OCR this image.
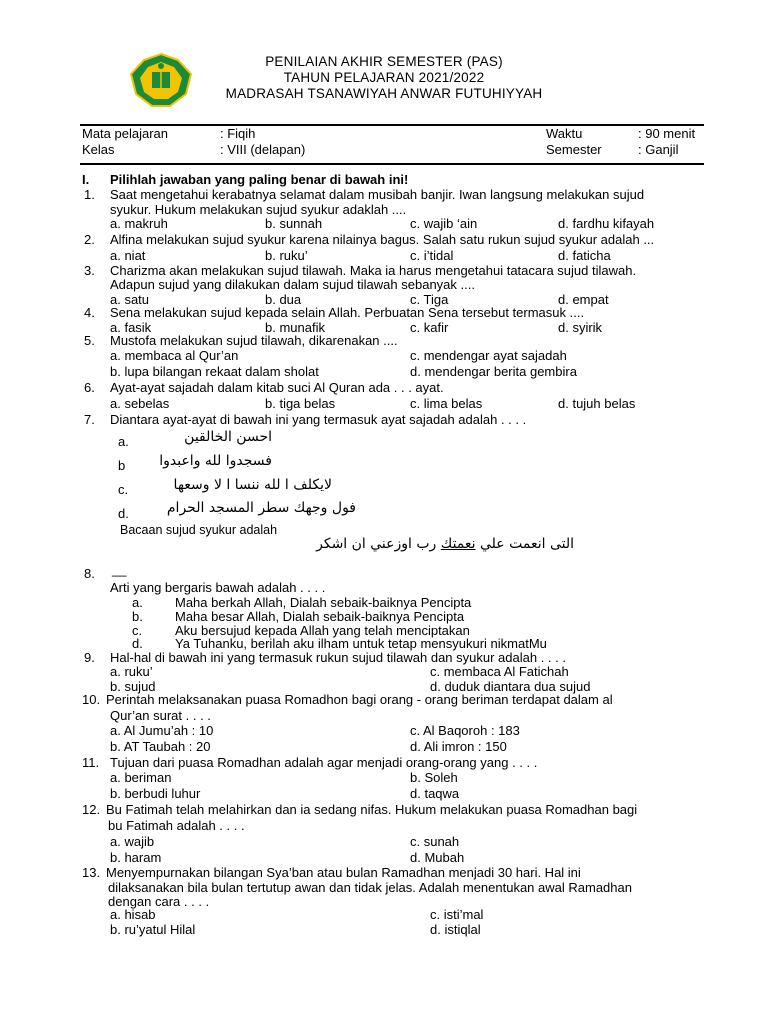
PENILAIAN AKHIR SEMESTER (PAS)
TAHUN PELAJARAN 2021/2022
MADRASAH TSANAWIYAH ANWAR FUTUHIYYAH
Mata pelajaran	: Fiqih	Waktu	: 90 menit
Kelas	: VIII (delapan)	Semester	: Ganjil
I. Pilihlah jawaban yang paling benar di bawah ini!
1. Saat mengetahui kerabatnya selamat dalam musibah banjir. Iwan langsung melakukan sujud
syukur. Hukum melakukan sujud syukur adaklah ....
a. makruh	b. sunnah	c. wajib ‘ain	d. fardhu kifayah
2. Alfina melakukan sujud syukur karena nilainya bagus. Salah satu rukun sujud syukur adalah ...
a. niat	b. ruku’	c. i’tidal	d. faticha
3. Charizma akan melakukan sujud tilawah. Maka ia harus mengetahui tatacara sujud tilawah.
Adapun sujud yang dilakukan dalam sujud tilawah sebanyak ....
a. satu	b. dua	c. Tiga	d. empat
4. Sena melakukan sujud kepada selain Allah. Perbuatan Sena tersebut termasuk ....
a. fasik	b. munafik	c. kafir	d. syirik
5. Mustofa melakukan sujud tilawah, dikarenakan ....
a. membaca al Qur’an	c. mendengar ayat sajadah
b. lupa bilangan rekaat dalam sholat	d. mendengar berita gembira
6. Ayat-ayat sajadah dalam kitab suci Al Quran ada . . . ayat.
a. sebelas	b. tiga belas	c. lima belas	d. tujuh belas
7. Diantara ayat-ayat di bawah ini yang termasuk ayat sajadah adalah . . . .
a.	احسن الخالقين
b	فسجدوا لله واعبدوا
c.	لايكلف ا لله ننسا ا لا وسعها
d.	فول وجهك سطر المسجد الحرام
Bacaan sujud syukur adalah
رب اوزعني ان اشكر نعمتك التى انعمت علي
8. __
Arti yang bergaris bawah adalah . . . .
a. Maha berkah Allah, Dialah sebaik-baiknya Pencipta
b. Maha besar Allah, Dialah sebaik-baiknya Pencipta
c.	Aku bersujud kepada Allah yang telah menciptakan
d. Ya Tuhanku, berilah aku ilham untuk tetap mensyukuri nikmatMu
9. Hal-hal di bawah ini yang termasuk rukun sujud tilawah dan syukur adalah . . . .
a. ruku’	c. membaca Al Fatichah
b. sujud	d. duduk diantara dua sujud
10. Perintah melaksanakan puasa Romadhon bagi orang - orang beriman terdapat dalam al
Qur’an surat . . . .
a. Al Jumu’ah : 10	c. Al Baqoroh : 183
b. AT Taubah : 20	d. Ali imron : 150
11. Tujuan dari puasa Romadhan adalah agar menjadi orang-orang yang . . . .
a. beriman	b. Soleh
b. berbudi luhur	d. taqwa
12. Bu Fatimah telah melahirkan dan ia sedang nifas. Hukum melakukan puasa Romadhan bagi
bu Fatimah adalah . . . .
a. wajib	c. sunah
b. haram	d. Mubah
13. Menyempurnakan bilangan Sya’ban atau bulan Ramadhan menjadi 30 hari. Hal ini
dilaksanakan bila bulan tertutup awan dan tidak jelas. Adalah menentukan awal Ramadhan
dengan cara . . . .
a. hisab	c. isti’mal
b. ru’yatul Hilal	d. istiqlal
